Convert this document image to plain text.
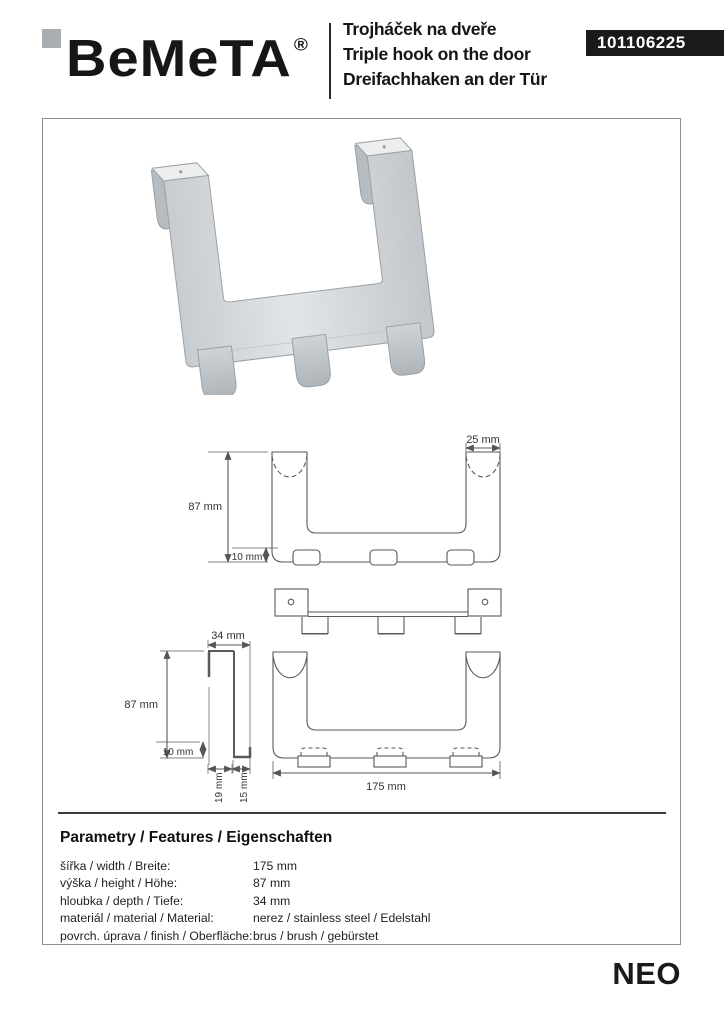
BeMeTA ®
Trojháček na dveře
Triple hook on the door
Dreifachhaken an der Tür
101106225
87 mm
10 mm
25 mm
34 mm
87 mm
10 mm
19 mm 15 mm	175 mm
Parametry / Features / Eigenschaften
šířka / width / Breite:	175 mm
výška / height / Höhe:	87 mm
hloubka / depth / Tiefe:	34 mm
materiál / material / Material:	nerez / stainless steel / Edelstahl
povrch. úprava / finish / Oberfläche: brus / brush / gebürstet
NEO
